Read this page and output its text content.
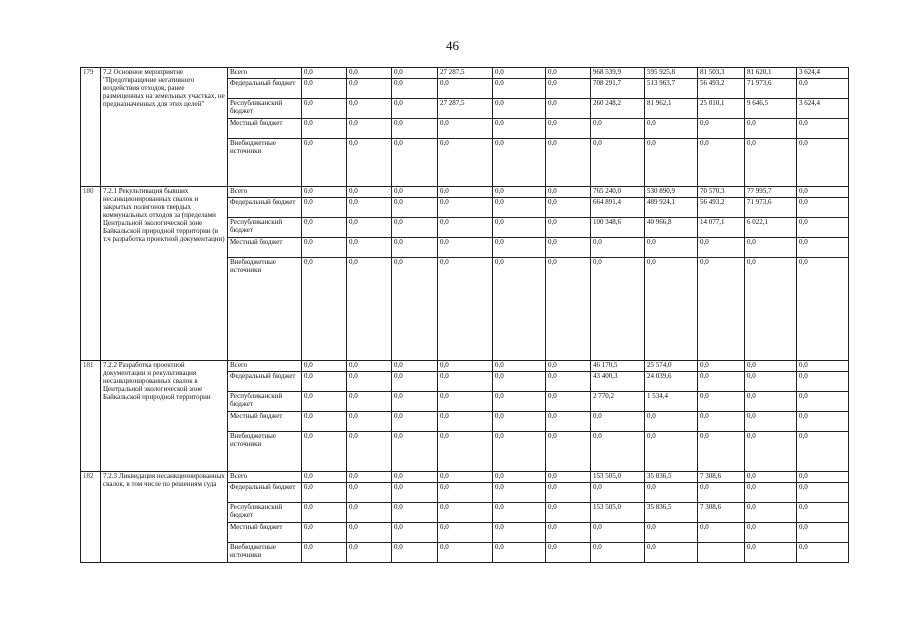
46
179	7.2 Основное мероприятие "Предотвращение негативного воздействия отходов, ранее размещенных на земельных участках, не предназначенных для этих целей"	Всего	0,0	0,0	0,0	27 287,5	0,0	0,0	968 539,9	595 925,8	81 503,3	81 620,1	3 624,4
		Федеральный бюджет	0,0	0,0	0,0	0,0	0,0	0,0	708 291,7	513 963,7	56 493,2	71 973,6	0,0
		Республиканский бюджет	0,0	0,0	0,0	27 287,5	0,0	0,0	260 248,2	81 962,1	25 010,1	9 646,5	3 624,4
		Местный бюджет	0,0	0,0	0,0	0,0	0,0	0,0	0,0	0,0	0,0	0,0	0,0
		Внебюджетные источники	0,0	0,0	0,0	0,0	0,0	0,0	0,0	0,0	0,0	0,0	0,0
180	7.2.1 Рекультивация бывших несанкционированных свалок и закрытых полигонов твердых коммунальных отходов за (пределами Центральной экологической зоне Байкальской природной территории (в т.ч разработка проектной документации)	Всего	0,0	0,0	0,0	0,0	0,0	0,0	765 240,0	530 890,9	70 570,3	77 995,7	0,0
		Федеральный бюджет	0,0	0,0	0,0	0,0	0,0	0,0	664 891,4	489 924,1	56 493,2	71 973,6	0,0
		Республиканский бюджет	0,0	0,0	0,0	0,0	0,0	0,0	100 348,6	40 966,8	14 077,1	6 022,1	0,0
		Местный бюджет	0,0	0,0	0,0	0,0	0,0	0,0	0,0	0,0	0,0	0,0	0,0
		Внебюджетные источники	0,0	0,0	0,0	0,0	0,0	0,0	0,0	0,0	0,0	0,0	0,0
181	7.2.2 Разработка проектной документации и рекультивация несанкционированных свалок в Центральной экологической зоне Байкальской природной территории	Всего	0,0	0,0	0,0	0,0	0,0	0,0	46 170,5	25 574,0	0,0	0,0	0,0
		Федеральный бюджет	0,0	0,0	0,0	0,0	0,0	0,0	43 400,3	24 039,6	0,0	0,0	0,0
		Республиканский бюджет	0,0	0,0	0,0	0,0	0,0	0,0	2 770,2	1 534,4	0,0	0,0	0,0
		Местный бюджет	0,0	0,0	0,0	0,0	0,0	0,0	0,0	0,0	0,0	0,0	0,0
		Внебюджетные источники	0,0	0,0	0,0	0,0	0,0	0,0	0,0	0,0	0,0	0,0	0,0
182	7.2.3 Ликвидация несанкционированных свалок, в том числе по решениям суда	Всего	0,0	0,0	0,0	0,0	0,0	0,0	153 505,0	35 836,5	7 308,6	0,0	0,0
		Федеральный бюджет	0,0	0,0	0,0	0,0	0,0	0,0	0,0	0,0	0,0	0,0	0,0
		Республиканский бюджет	0,0	0,0	0,0	0,0	0,0	0,0	153 505,0	35 836,5	7 308,6	0,0	0,0
		Местный бюджет	0,0	0,0	0,0	0,0	0,0	0,0	0,0	0,0	0,0	0,0	0,0
		Внебюджетные источники	0,0	0,0	0,0	0,0	0,0	0,0	0,0	0,0		0,0	0,0
